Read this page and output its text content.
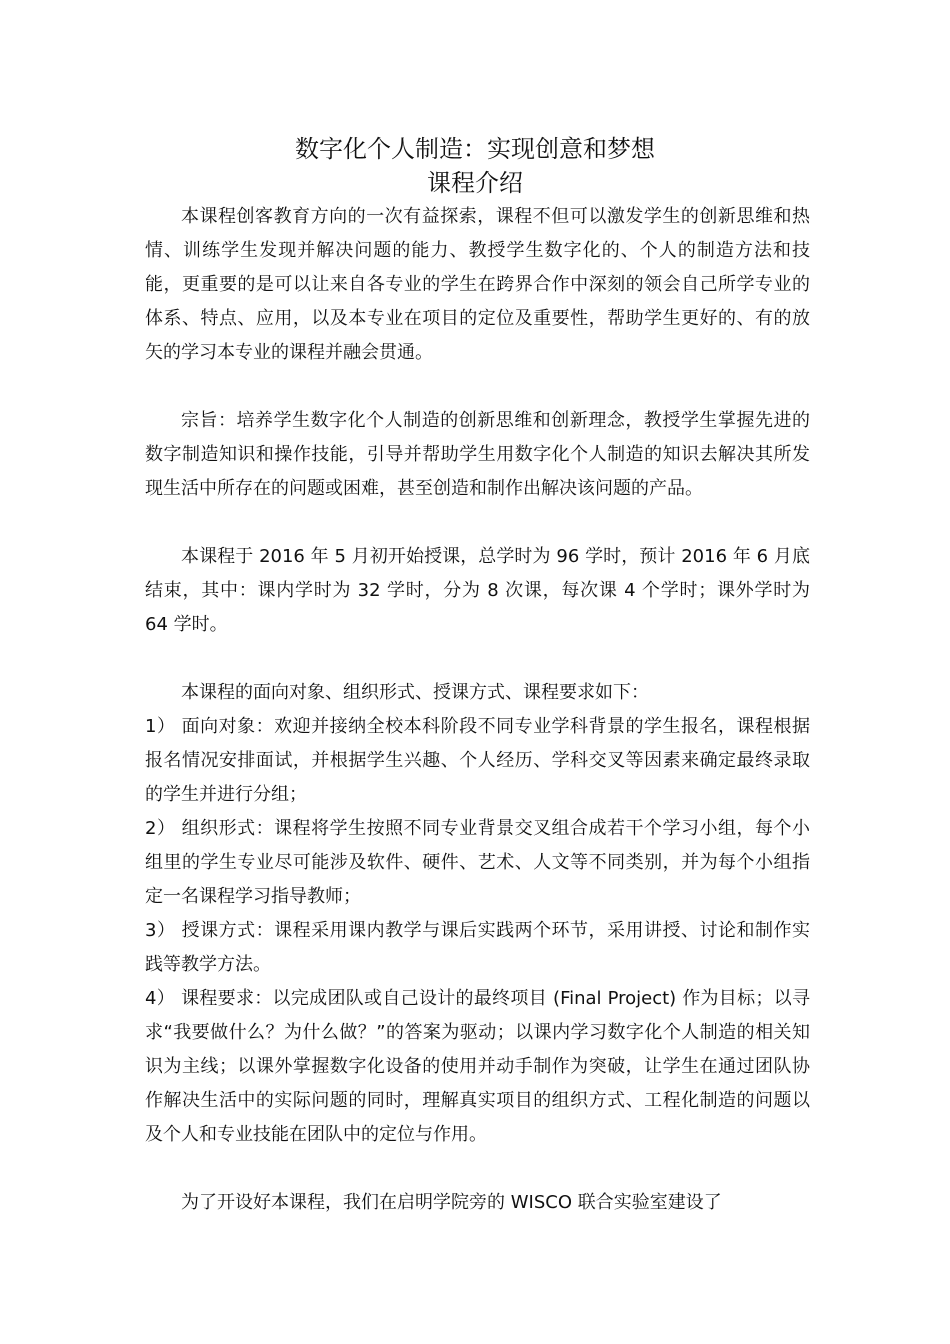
数字化个人制造：实现创意和梦想
课程介绍

本课程创客教育方向的一次有益探索，课程不但可以激发学生的创新思维和热情、训练学生发现并解决问题的能力、教授学生数字化的、个人的制造方法和技能，更重要的是可以让来自各专业的学生在跨界合作中深刻的领会自己所学专业的体系、特点、应用，以及本专业在项目的定位及重要性，帮助学生更好的、有的放矢的学习本专业的课程并融会贯通。

宗旨：培养学生数字化个人制造的创新思维和创新理念，教授学生掌握先进的数字制造知识和操作技能，引导并帮助学生用数字化个人制造的知识去解决其所发现生活中所存在的问题或困难，甚至创造和制作出解决该问题的产品。

本课程于 2016 年 5 月初开始授课，总学时为 96 学时，预计 2016 年 6 月底结束，其中：课内学时为 32 学时，分为 8 次课，每次课 4 个学时；课外学时为 64 学时。

本课程的面向对象、组织形式、授课方式、课程要求如下：

1） 面向对象：欢迎并接纳全校本科阶段不同专业学科背景的学生报名，课程根据报名情况安排面试，并根据学生兴趣、个人经历、学科交叉等因素来确定最终录取的学生并进行分组；

2） 组织形式：课程将学生按照不同专业背景交叉组合成若干个学习小组，每个小组里的学生专业尽可能涉及软件、硬件、艺术、人文等不同类别，并为每个小组指定一名课程学习指导教师；

3） 授课方式：课程采用课内教学与课后实践两个环节，采用讲授、讨论和制作实践等教学方法。

4） 课程要求：以完成团队或自己设计的最终项目 (Final Project) 作为目标；以寻求“我要做什么？为什么做？”的答案为驱动；以课内学习数字化个人制造的相关知识为主线；以课外掌握数字化设备的使用并动手制作为突破，让学生在通过团队协作解决生活中的实际问题的同时，理解真实项目的组织方式、工程化制造的问题以及个人和专业技能在团队中的定位与作用。

为了开设好本课程，我们在启明学院旁的 WISCO 联合实验室建设了
